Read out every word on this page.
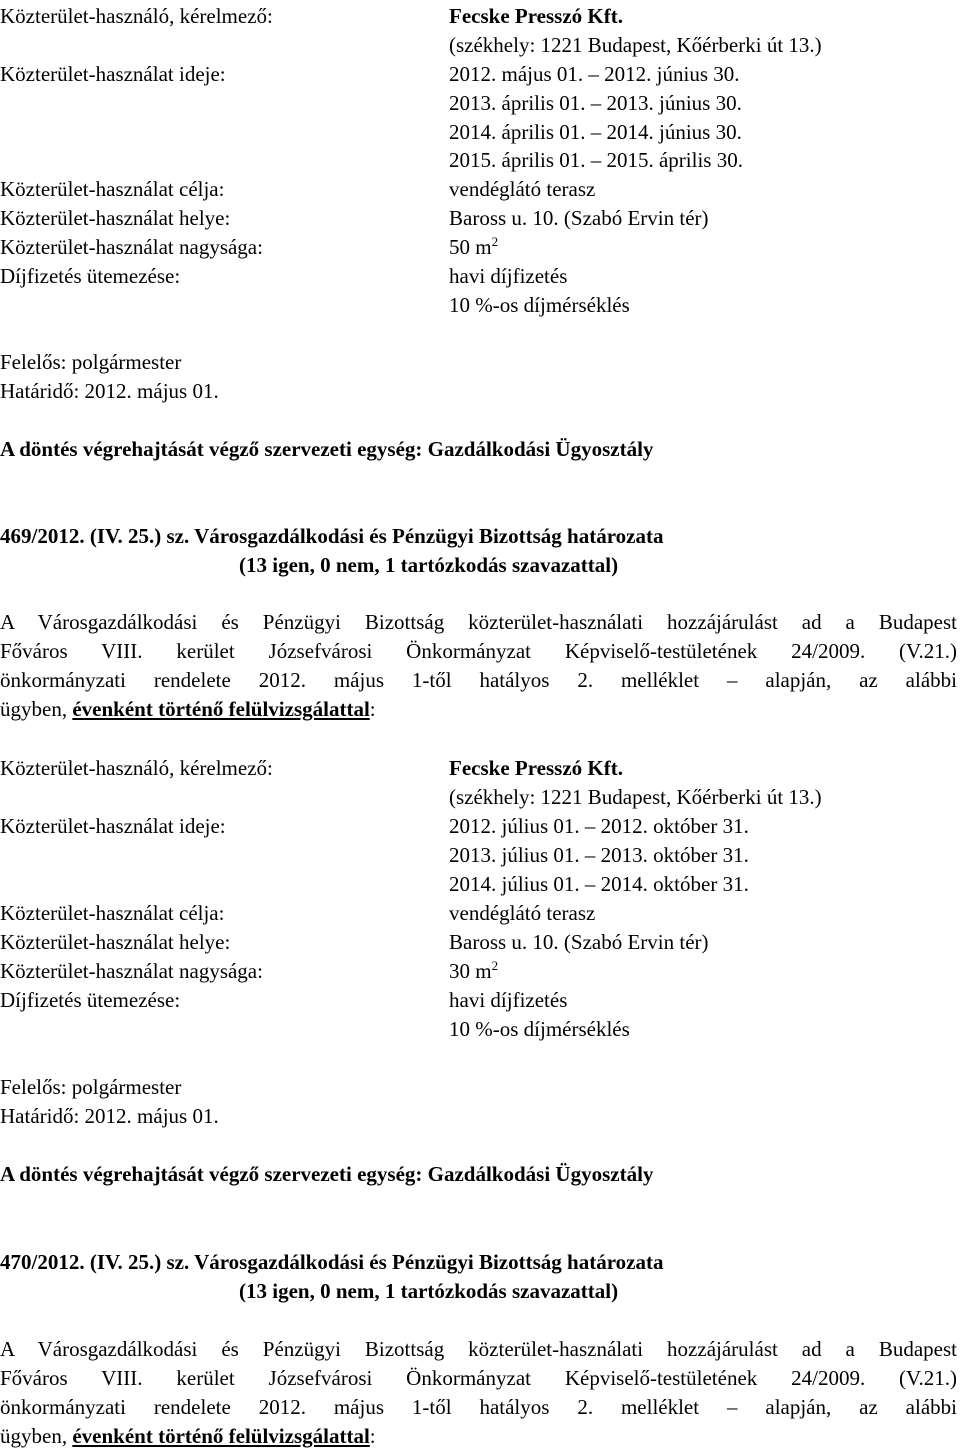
Közterület-használó, kérelmező:	Fecske Presszó Kft.
(székhely: 1221 Budapest, Kőérberki út 13.)
Közterület-használat ideje:	2012. május 01. – 2012. június 30.
2013. április 01. – 2013. június 30.
2014. április 01. – 2014. június 30.
2015. április 01. – 2015. április 30.
Közterület-használat célja:	vendéglátó terasz
Közterület-használat helye:	Baross u. 10. (Szabó Ervin tér)
Közterület-használat nagysága:	50 $m^2$
Díjfizetés ütemezése:	havi díjfizetés
10 %-os díjmérséklés
Felelős: polgármester
Határidő: 2012. május 01.
A döntés végrehajtását végző szervezeti egység: Gazdálkodási Ügyosztály
469/2012. (IV. 25.) sz. Városgazdálkodási és Pénzügyi Bizottság határozata
(13 igen, 0 nem, 1 tartózkodás szavazattal)
A Városgazdálkodási és Pénzügyi Bizottság közterület-használati hozzájárulást ad a Budapest
Főváros VIII. kerület Józsefvárosi Önkormányzat Képviselő-testületének 24/2009. (V.21.)
önkormányzati rendelete 2012. május 1-től hatályos 2. melléklet – alapján, az alábbi
ügyben, évenként történő felülvizsgálattal:
Közterület-használó, kérelmező:	Fecske Presszó Kft.
(székhely: 1221 Budapest, Kőérberki út 13.)
Közterület-használat ideje:	2012. július 01. – 2012. október 31.
2013. július 01. – 2013. október 31.
2014. július 01. – 2014. október 31.
Közterület-használat célja:	vendéglátó terasz
Közterület-használat helye:	Baross u. 10. (Szabó Ervin tér)
Közterület-használat nagysága:	30 $m^2$
Díjfizetés ütemezése:	havi díjfizetés
10 %-os díjmérséklés
Felelős: polgármester
Határidő: 2012. május 01.
A döntés végrehajtását végző szervezeti egység: Gazdálkodási Ügyosztály
470/2012. (IV. 25.) sz. Városgazdálkodási és Pénzügyi Bizottság határozata
(13 igen, 0 nem, 1 tartózkodás szavazattal)
A Városgazdálkodási és Pénzügyi Bizottság közterület-használati hozzájárulást ad a Budapest
Főváros VIII. kerület Józsefvárosi Önkormányzat Képviselő-testületének 24/2009. (V.21.)
önkormányzati rendelete 2012. május 1-től hatályos 2. melléklet – alapján, az alábbi
ügyben, évenként történő felülvizsgálattal:
